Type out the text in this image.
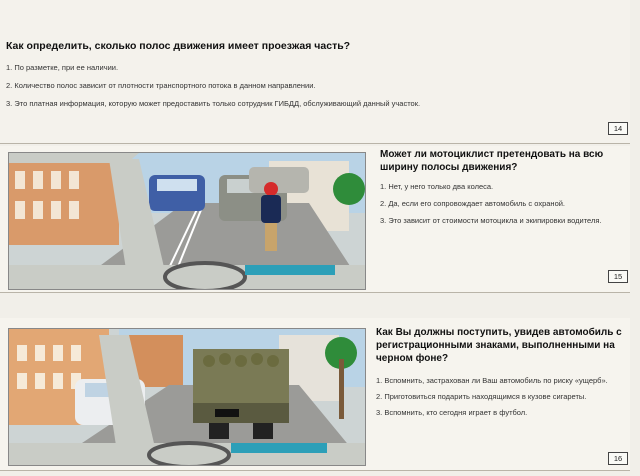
Как определить, сколько полос движения имеет проезжая часть?
1. По разметке, при ее наличии.
2. Количество полос зависит от плотности транспортного потока в данном направлении.
3. Это платная информация, которую может предоставить только сотрудник ГИБДД, обслуживающий данный участок.
14
Может ли мотоциклист претендовать на всю ширину полосы движения?
1. Нет, у него только два колеса.
2. Да, если его сопровождает автомобиль с охраной.
3. Это зависит от стоимости мотоцикла и экипировки водителя.
15
Как Вы должны поступить, увидев автомобиль с регистрационными знаками, выполненными на черном фоне?
1. Вспомнить, застрахован ли Ваш автомобиль по риску «ущерб».
2. Приготовиться подарить находящимся в кузове сигареты.
3. Вспомнить, кто сегодня играет в футбол.
16
